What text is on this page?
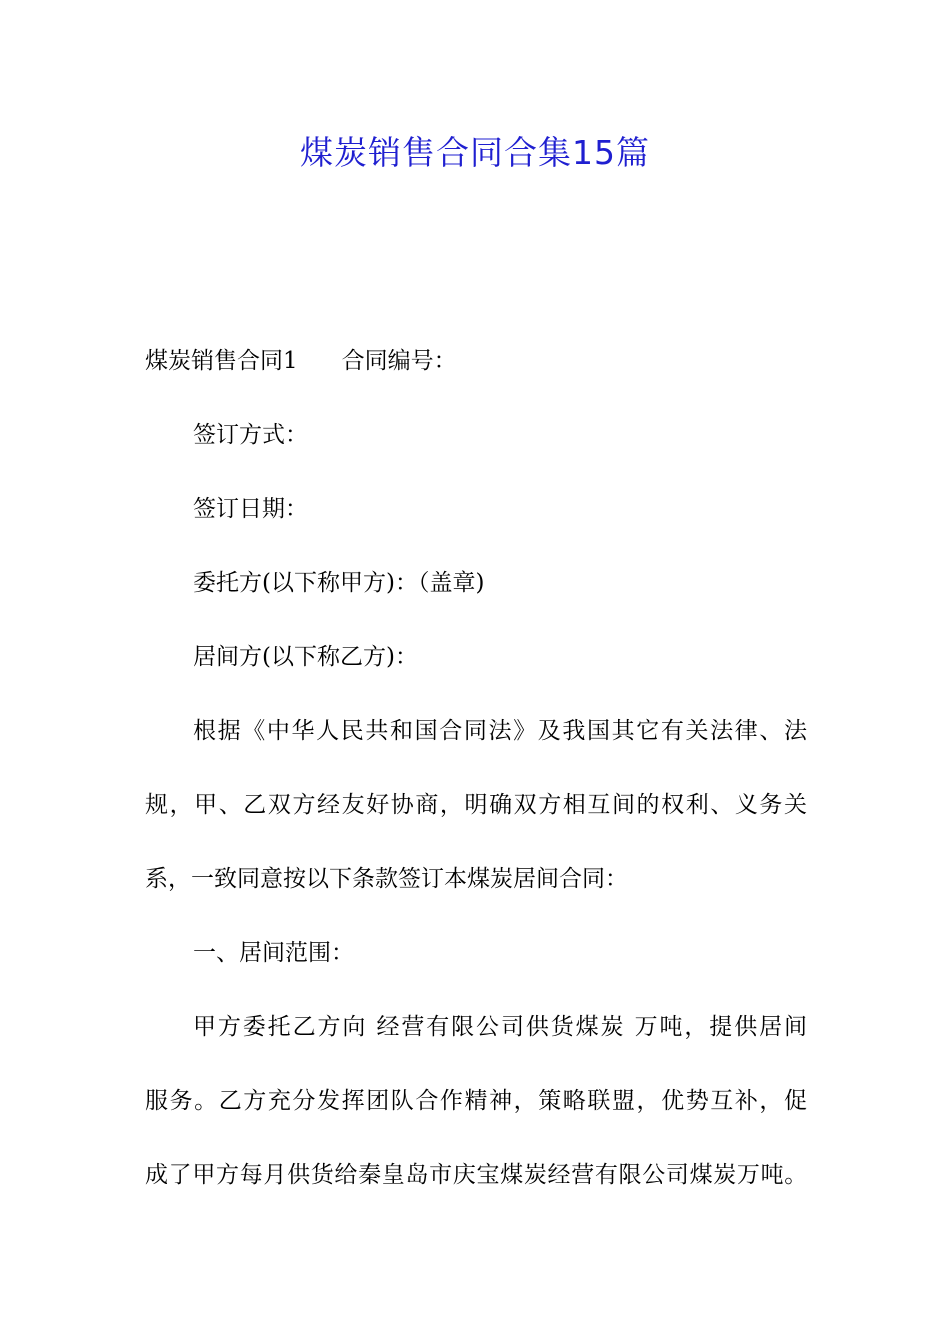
煤炭销售合同合集15篇

煤炭销售合同1 合同编号：

签订方式：

签订日期：

委托方(以下称甲方)：（盖章)

居间方(以下称乙方)：

根据《中华人民共和国合同法》及我国其它有关法律、法

规，甲、乙双方经友好协商，明确双方相互间的权利、义务关

系，一致同意按以下条款签订本煤炭居间合同：

一、居间范围：

甲方委托乙方向 经营有限公司供货煤炭 万吨，提供居间

服务。乙方充分发挥团队合作精神，策略联盟，优势互补，促

成了甲方每月供货给秦皇岛市庆宝煤炭经营有限公司煤炭万吨。
